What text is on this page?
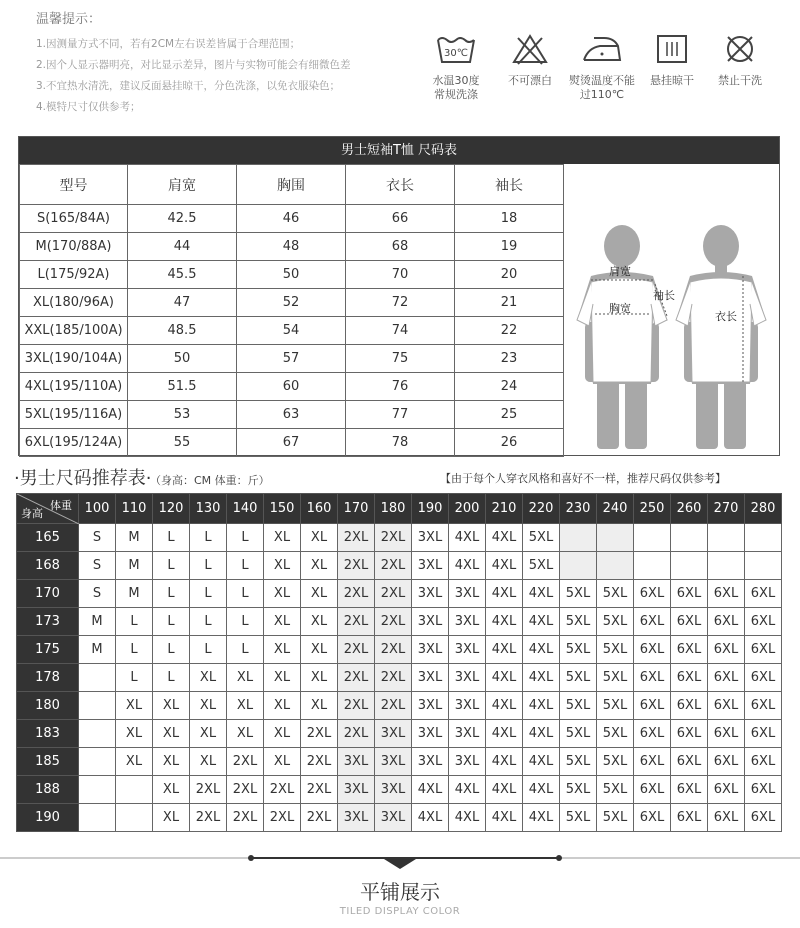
温馨提示：
1.因测量方式不同，若有2CM左右误差皆属于合理范围；
2.因个人显示器明亮，对比显示差异，图片与实物可能会有细微色差
3.不宜热水清洗，建议反面悬挂晾干，分色洗涤，以免衣服染色；
4.模特尺寸仅供参考；
30℃
水温30度
常规洗涤
不可漂白	熨烫温度不能
过110℃
悬挂晾干	禁止干洗
男士短袖T恤 尺码表
型号	肩宽	胸围	衣长	袖长
S(165/84A)	42.5	46	66	18
M(170/88A)	44	48	68	19
L(175/92A)	45.5	50	70	20
XL(180/96A)	47	52	72	21
XXL(185/100A)	48.5	54	74	22
3XL(190/104A)	50	57	75	23
4XL(195/110A)	51.5	60	76	24
5XL(195/116A)	53	63	77	25
6XL(195/124A)	55	67	78	26
肩宽
胸宽
袖长
衣长
·男士尺码推荐表· （身高：CM 体重：斤）	【由于每个人穿衣风格和喜好不一样，推荐尺码仅供参考】
体重
身高	100	110	120	130	140	150	160	170	180	190	200	210	220	230	240	250	260	270	280
165	S	M	L	L	L	XL	XL	2XL	2XL	3XL	4XL	4XL	5XL						
168	S	M	L	L	L	XL	XL	2XL	2XL	3XL	4XL	4XL	5XL						
170	S	M	L	L	L	XL	XL	2XL	2XL	3XL	3XL	4XL	4XL	5XL	5XL	6XL	6XL	6XL	6XL
173	M	L	L	L	L	XL	XL	2XL	2XL	3XL	3XL	4XL	4XL	5XL	5XL	6XL	6XL	6XL	6XL
175	M	L	L	L	L	XL	XL	2XL	2XL	3XL	3XL	4XL	4XL	5XL	5XL	6XL	6XL	6XL	6XL
178		L	L	XL	XL	XL	XL	2XL	2XL	3XL	3XL	4XL	4XL	5XL	5XL	6XL	6XL	6XL	6XL
180		XL	XL	XL	XL	XL	XL	2XL	2XL	3XL	3XL	4XL	4XL	5XL	5XL	6XL	6XL	6XL	6XL
183		XL	XL	XL	XL	XL	2XL	2XL	3XL	3XL	3XL	4XL	4XL	5XL	5XL	6XL	6XL	6XL	6XL
185		XL	XL	XL	2XL	XL	2XL	3XL	3XL	3XL	3XL	4XL	4XL	5XL	5XL	6XL	6XL	6XL	6XL
188			XL	2XL	2XL	2XL	2XL	3XL	3XL	4XL	4XL	4XL	4XL	5XL	5XL	6XL	6XL	6XL	6XL
190			XL	2XL	2XL	2XL	2XL	3XL	3XL	4XL	4XL	4XL	4XL	5XL	5XL	6XL	6XL	6XL	6XL
平铺展示
TILED DISPLAY COLOR
